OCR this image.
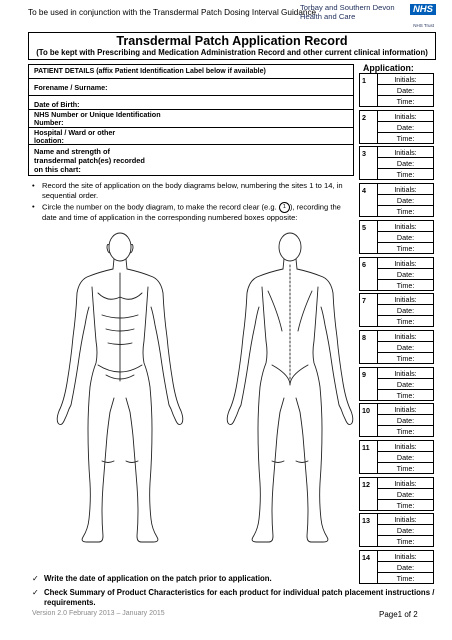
To be used in conjunction with the Transdermal Patch Dosing Interval Guidance
Torbay and Southern Devon
Health and Care
NHS
NHS Trust
Transdermal Patch Application Record
(To be kept with Prescribing and Medication Administration Record and other current clinical information)
PATIENT DETAILS (affix Patient Identification Label below if available)
Forename / Surname:
Date of Birth:
NHS Number or Unique Identification Number:
Hospital / Ward or other location:
Name and strength of transdermal patch(es) recorded on this chart:
• Record the site of application on the body diagrams below, numbering the sites 1 to 14, in sequential order.
• Circle the number on the body diagram, to make the record clear (e.g. 1 ), recording the date and time of application in the corresponding numbered boxes opposite:
Application:
1	Initials:
Date:
Time:
2	Initials:
Date:
Time:
3	Initials:
Date:
Time:
4	Initials:
Date:
Time:
5	Initials:
Date:
Time:
6	Initials:
Date:
Time:
7	Initials:
Date:
Time:
8	Initials:
Date:
Time:
9	Initials:
Date:
Time:
10	Initials:
Date:
Time:
11	Initials:
Date:
Time:
12	Initials:
Date:
Time:
13	Initials:
Date:
Time:
14	Initials:
Date:
Time:
✓ Write the date of application on the patch prior to application.
✓ Check Summary of Product Characteristics for each product for individual patch placement instructions / requirements.
Version 2.0 February 2013 – January 2015	Page1 of 2
